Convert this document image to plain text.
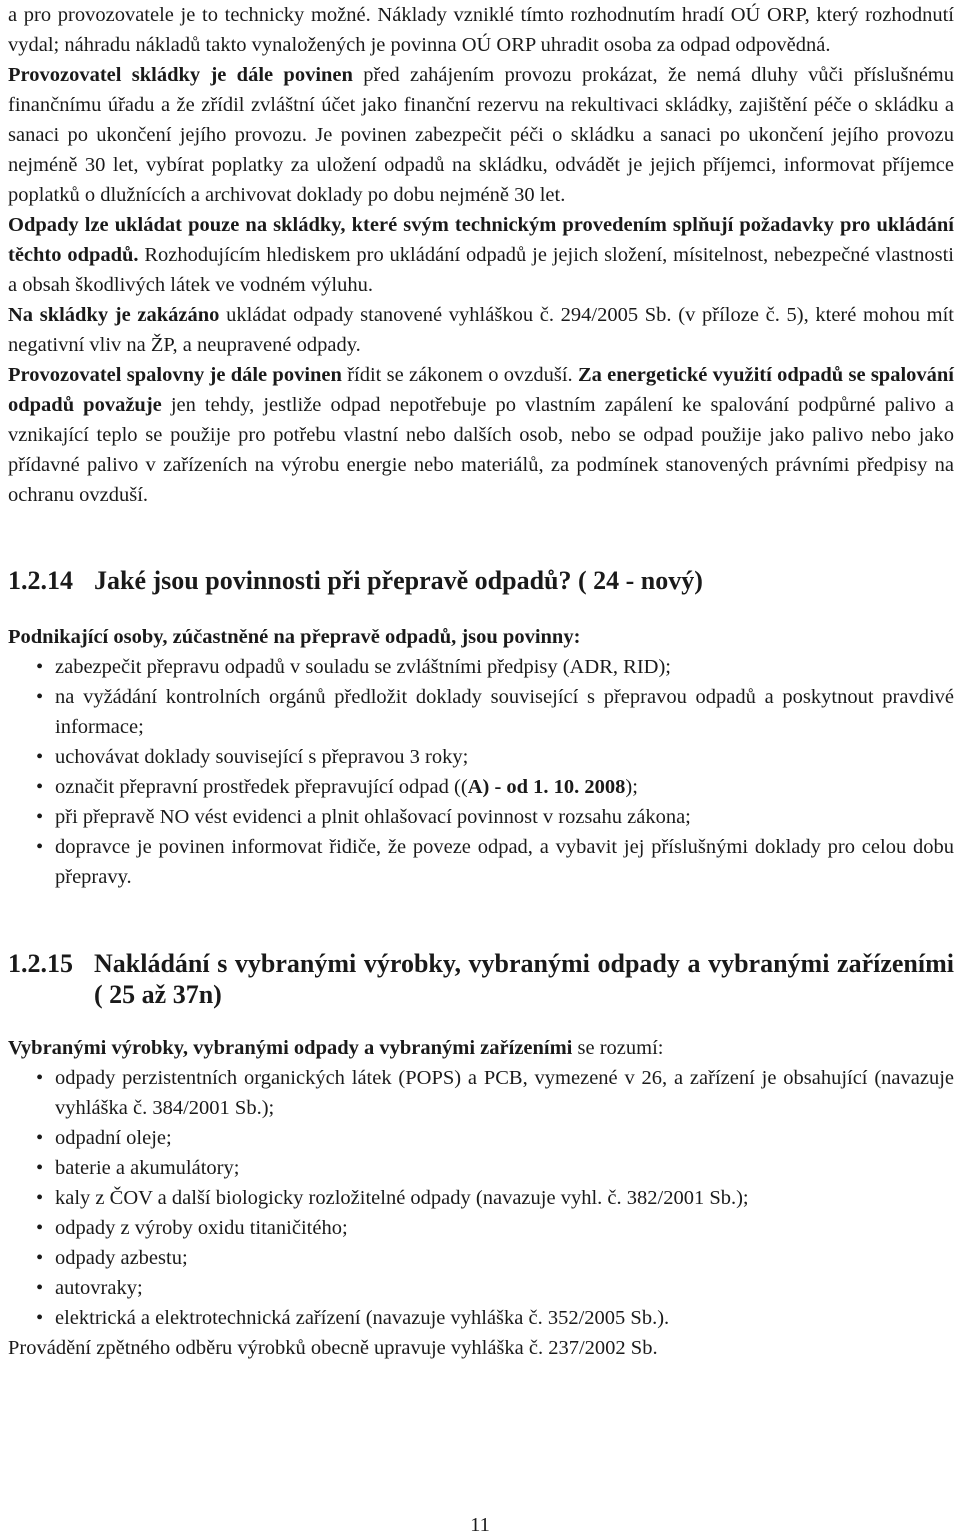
a pro provozovatele je to technicky možné. Náklady vzniklé tímto rozhodnutím hradí OÚ ORP, který rozhodnutí vydal; náhradu nákladů takto vynaložených je povinna OÚ ORP uhradit osoba za odpad odpovědná.

Provozovatel skládky je dále povinen před zahájením provozu prokázat, že nemá dluhy vůči příslušnému finančnímu úřadu a že zřídil zvláštní účet jako finanční rezervu na rekultivaci skládky, zajištění péče o skládku a sanaci po ukončení jejího provozu. Je povinen zabezpečit péči o skládku a sanaci po ukončení jejího provozu nejméně 30 let, vybírat poplatky za uložení odpadů na skládku, odvádět je jejich příjemci, informovat příjemce poplatků o dlužnících a archivovat doklady po dobu nejméně 30 let.

Odpady lze ukládat pouze na skládky, které svým technickým provedením splňují požadavky pro ukládání těchto odpadů. Rozhodujícím hlediskem pro ukládání odpadů je jejich složení, mísitelnost, nebezpečné vlastnosti a obsah škodlivých látek ve vodném výluhu.

Na skládky je zakázáno ukládat odpady stanovené vyhláškou č. 294/2005 Sb. (v příloze č. 5), které mohou mít negativní vliv na ŽP, a neupravené odpady.

Provozovatel spalovny je dále povinen řídit se zákonem o ovzduší. Za energetické využití odpadů se spalování odpadů považuje jen tehdy, jestliže odpad nepotřebuje po vlastním zapálení ke spalování podpůrné palivo a vznikající teplo se použije pro potřebu vlastní nebo dalších osob, nebo se odpad použije jako palivo nebo jako přídavné palivo v zařízeních na výrobu energie nebo materiálů, za podmínek stanovených právními předpisy na ochranu ovzduší.

1.2.14 Jaké jsou povinnosti při přepravě odpadů? ( 24 - nový)

Podnikající osoby, zúčastněné na přepravě odpadů, jsou povinny:

• zabezpečit přepravu odpadů v souladu se zvláštními předpisy (ADR, RID);
• na vyžádání kontrolních orgánů předložit doklady související s přepravou odpadů a poskytnout pravdivé informace;
• uchovávat doklady související s přepravou 3 roky;
• označit přepravní prostředek přepravující odpad ((A) - od 1. 10. 2008);
• při přepravě NO vést evidenci a plnit ohlašovací povinnost v rozsahu zákona;
• dopravce je povinen informovat řidiče, že poveze odpad, a vybavit jej příslušnými doklady pro celou dobu přepravy.
1.2.15 Nakládání s vybranými výrobky, vybranými odpady a vybranými zařízeními ( 25 až 37n)

Vybranými výrobky, vybranými odpady a vybranými zařízeními se rozumí:

• odpady perzistentních organických látek (POPS) a PCB, vymezené v 26, a zařízení je obsahující (navazuje vyhláška č. 384/2001 Sb.);
• odpadní oleje;
• baterie a akumulátory;
• kaly z ČOV a další biologicky rozložitelné odpady (navazuje vyhl. č. 382/2001 Sb.);
• odpady z výroby oxidu titaničitého;
• odpady azbestu;
• autovraky;
• elektrická a elektrotechnická zařízení (navazuje vyhláška č. 352/2005 Sb.).

Provádění zpětného odběru výrobků obecně upravuje vyhláška č. 237/2002 Sb.

11
